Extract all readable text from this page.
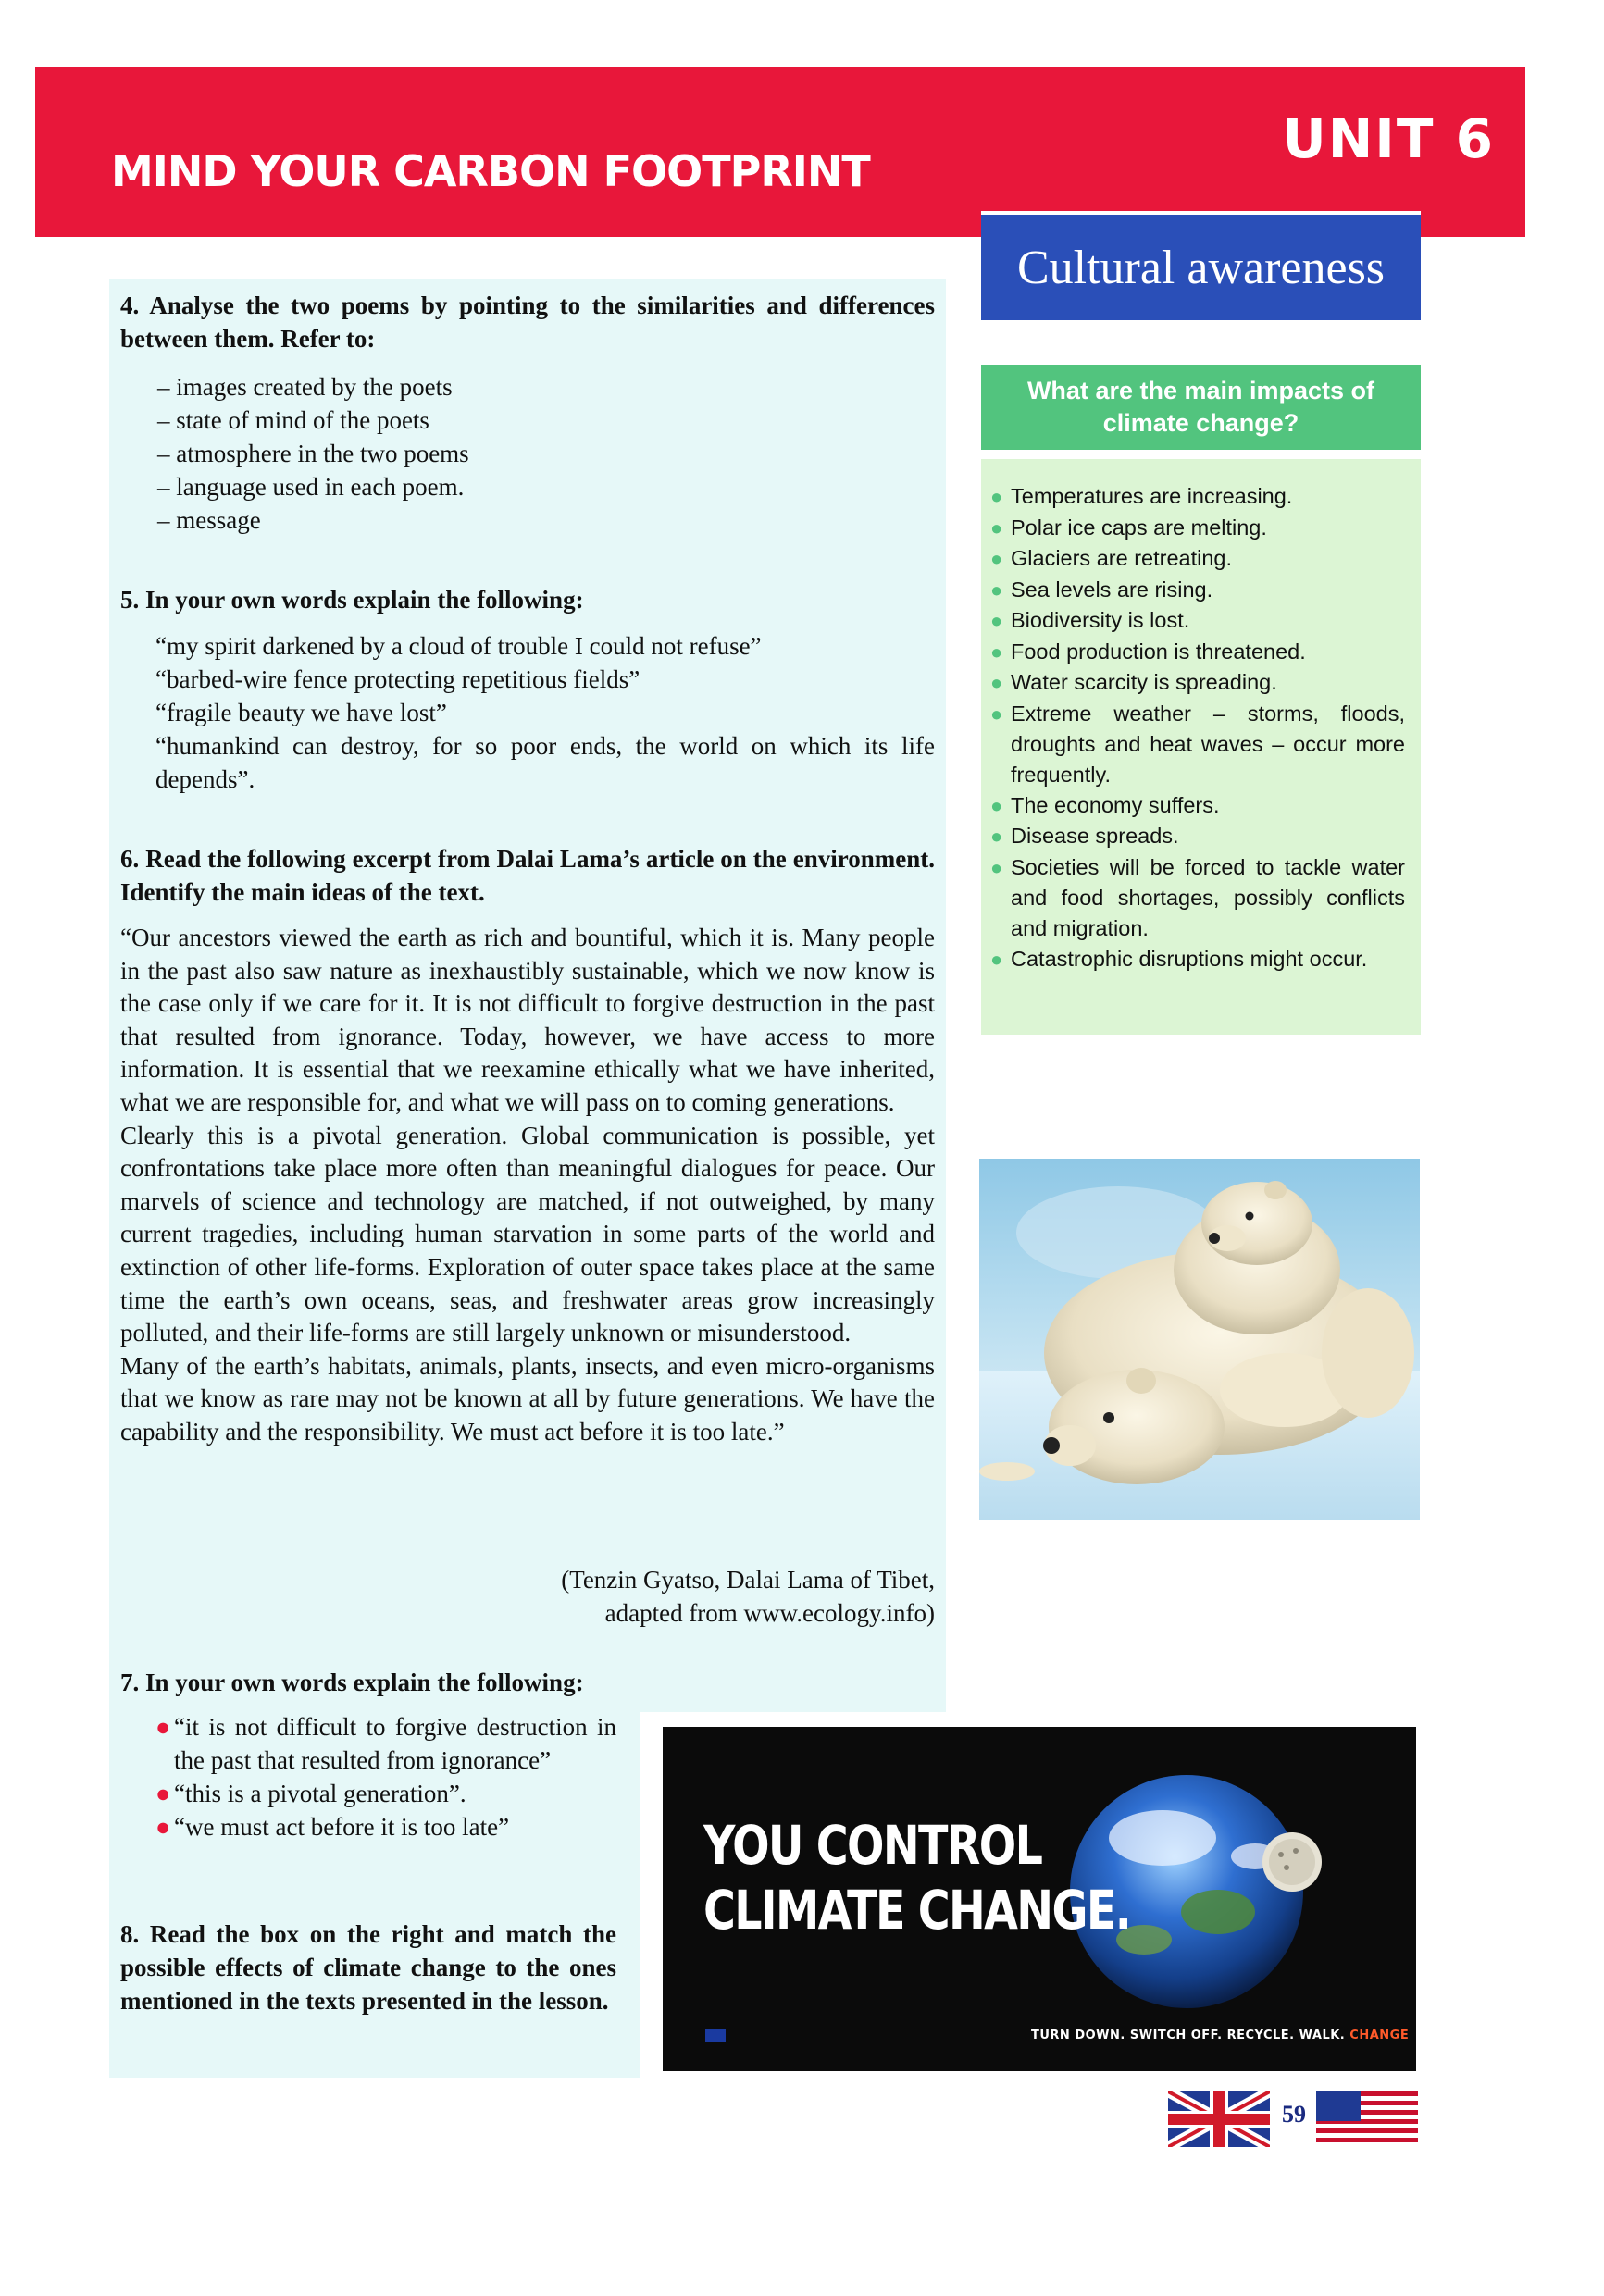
UNIT 6
MIND YOUR CARBON FOOTPRINT
Cultural awareness
4. Analyse the two poems by pointing to the similarities and differences between them. Refer to:
– images created by the poets
– state of mind of the poets
– atmosphere in the two poems
– language used in each poem.
– message
5. In your own words explain the following:
“my spirit darkened by a cloud of trouble I could not refuse”
“barbed-wire fence protecting repetitious fields”
“fragile beauty we have lost”
“humankind can destroy, for so poor ends, the world on which its life depends”.
6. Read the following excerpt from Dalai Lama’s article on the environment. Identify the main ideas of the text.
“Our ancestors viewed the earth as rich and bountiful, which it is. Many people in the past also saw nature as inexhaustibly sustainable, which we now know is the case only if we care for it. It is not difficult to forgive destruction in the past that resulted from ignorance. Today, however, we have access to more information. It is essential that we reexamine ethically what we have inherited, what we are responsible for, and what we will pass on to coming generations.
Clearly this is a pivotal generation. Global communication is possible, yet confrontations take place more often than meaningful dialogues for peace. Our marvels of science and technology are matched, if not outweighed, by many current tragedies, including human starvation in some parts of the world and extinction of other life-forms. Exploration of outer space takes place at the same time the earth’s own oceans, seas, and freshwater areas grow increasingly polluted, and their life-forms are still largely unknown or misunderstood.
Many of the earth’s habitats, animals, plants, insects, and even micro-organisms that we know as rare may not be known at all by future generations. We have the capability and the responsibility. We must act before it is too late.”
(Tenzin Gyatso, Dalai Lama of Tibet,
adapted from www.ecology.info)
7. In your own words explain the following:
● “it is not difficult to forgive destruction in the past that resulted from ignorance”
● “this is a pivotal generation”.
● “we must act before it is too late”
8. Read the box on the right and match the possible effects of climate change to the ones mentioned in the texts presented in the lesson.
What are the main impacts of climate change?
● Temperatures are increasing.
● Polar ice caps are melting.
● Glaciers are retreating.
● Sea levels are rising.
● Biodiversity is lost.
● Food production is threatened.
● Water scarcity is spreading.
● Extreme weather – storms, floods, droughts and heat waves – occur more frequently.
● The economy suffers.
● Disease spreads.
● Societies will be forced to tackle water and food shortages, possibly conflicts and migration.
● Catastrophic disruptions might occur.
YOU CONTROL
CLIMATE CHANGE.
TURN DOWN. SWITCH OFF. RECYCLE. WALK. CHANGE
59
